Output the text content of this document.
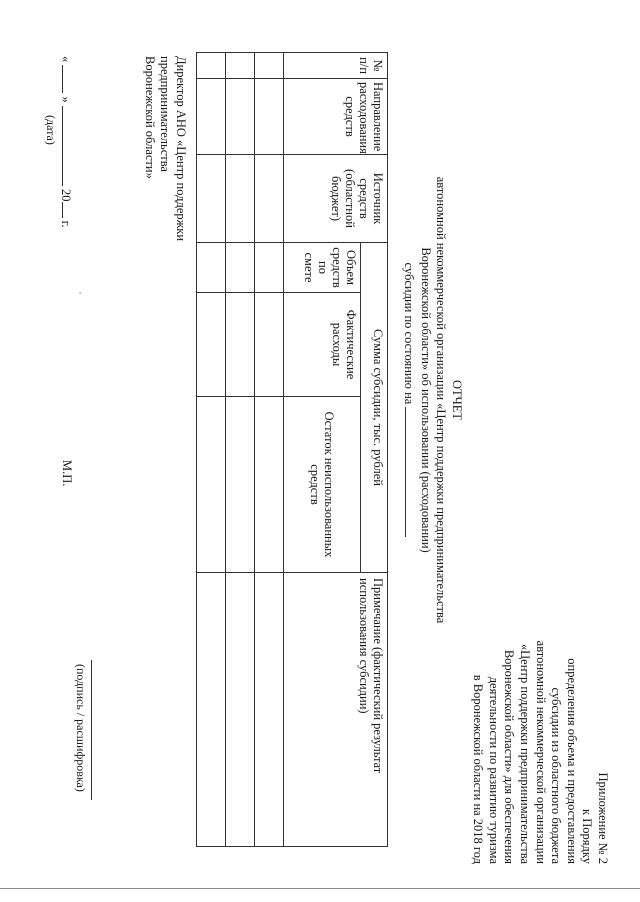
Приложение № 2
к Порядку
определения объема и предоставления
субсидии из областного бюджета
автономной некоммерческой организации
«Центр поддержки предпринимательства
Воронежской области» для обеспечения
деятельности по развитию туризма
в Воронежской области на 2018 год
ОТЧЕТ
автономной некоммерческой организации «Центр поддержки предпринимательства
Воронежской области» об использовании (расходовании)
субсидии по состоянию на
№ п/п	Направление расходования средств	Источник средств (областной бюджет)	Сумма субсидии, тыс. рублей			Примечание (фактический результат использования субсидии)
			Объем средств по смете	Фактические расходы	Остаток неиспользованных средств	

Директор АНО «Центр поддержки
предпринимательства
Воронежской области»
,
«  »  20 г.
(дата)
М.П.
(подпись / расшифровка)
